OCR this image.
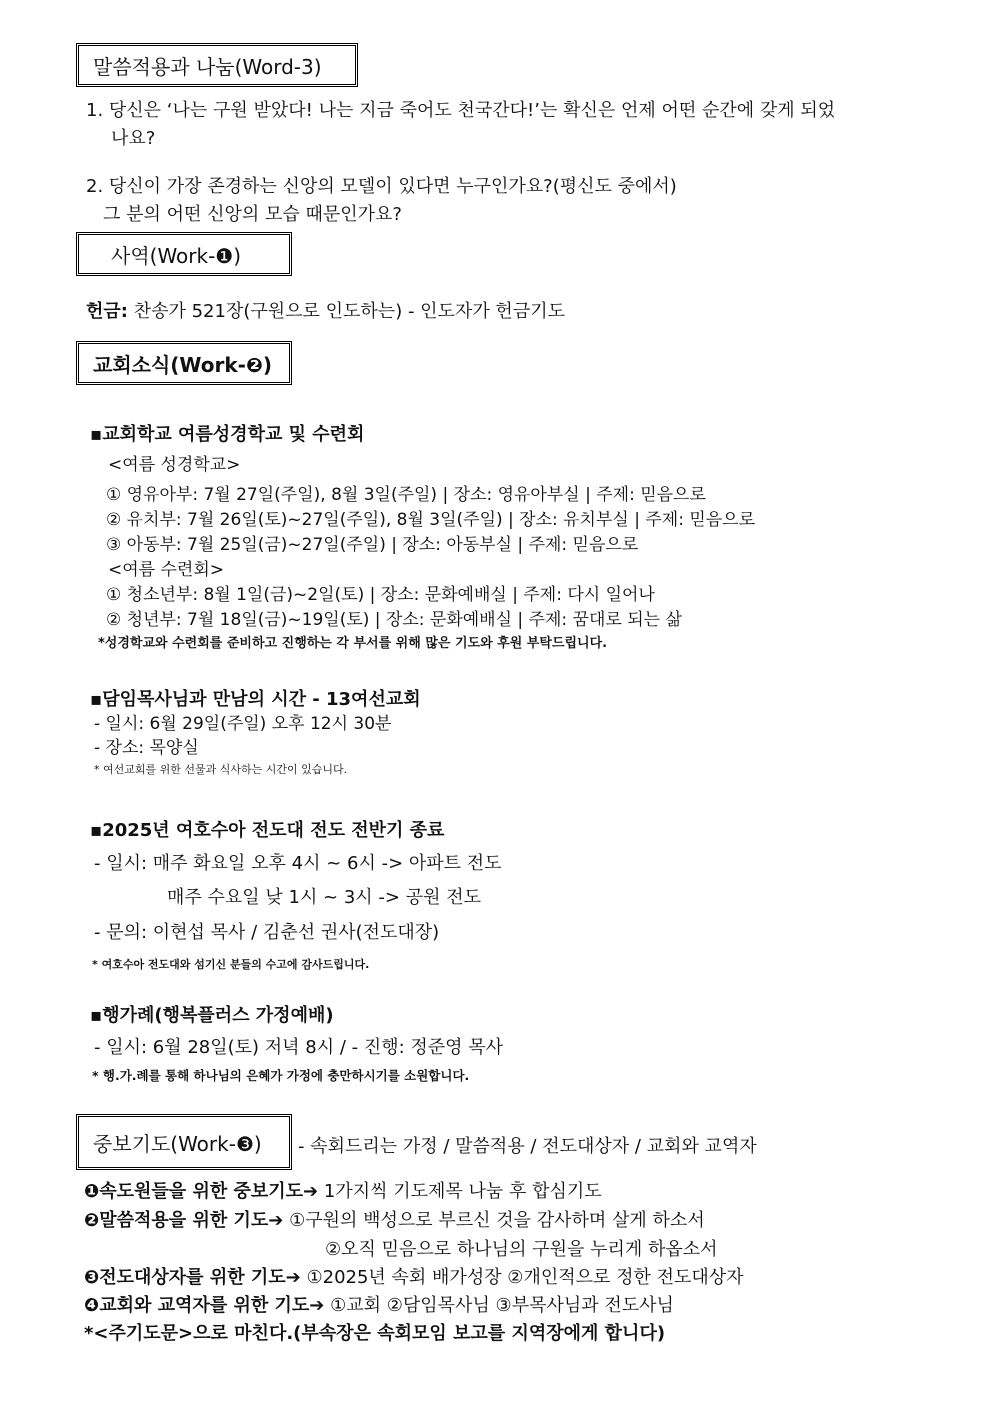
말씀적용과 나눔(Word-3)
1. 당신은 ‘나는 구원 받았다! 나는 지금 죽어도 천국간다!’는 확신은 언제 어떤 순간에 갖게 되었
나요?
2. 당신이 가장 존경하는 신앙의 모델이 있다면 누구인가요?(평신도 중에서)
그 분의 어떤 신앙의 모습 때문인가요?
사역(Work-❶)
헌금: 찬송가 521장(구원으로 인도하는) - 인도자가 헌금기도
교회소식(Work-❷)
▪교회학교 여름성경학교 및 수련회
<여름 성경학교>
① 영유아부: 7월 27일(주일), 8월 3일(주일) | 장소: 영유아부실 | 주제: 믿음으로
② 유치부: 7월 26일(토)~27일(주일), 8월 3일(주일) | 장소: 유치부실 | 주제: 믿음으로
③ 아동부: 7월 25일(금)~27일(주일) | 장소: 아동부실 | 주제: 믿음으로
<여름 수련회>
① 청소년부: 8월 1일(금)~2일(토) | 장소: 문화예배실 | 주제: 다시 일어나
② 청년부: 7월 18일(금)~19일(토) | 장소: 문화예배실 | 주제: 꿈대로 되는 삶
*성경학교와 수련회를 준비하고 진행하는 각 부서를 위해 많은 기도와 후원 부탁드립니다.
▪담임목사님과 만남의 시간 - 13여선교회
- 일시: 6월 29일(주일) 오후 12시 30분
- 장소: 목양실
* 여선교회를 위한 선물과 식사하는 시간이 있습니다.
▪2025년 여호수아 전도대 전도 전반기 종료
- 일시: 매주 화요일 오후 4시 ~ 6시 -> 아파트 전도
매주 수요일 낮 1시 ~ 3시 -> 공원 전도
- 문의: 이현섭 목사 / 김춘선 권사(전도대장)
* 여호수아 전도대와 섬기신 분들의 수고에 감사드립니다.
▪행가례(행복플러스 가정예배)
- 일시: 6월 28일(토) 저녁 8시 / - 진행: 정준영 목사
* 행.가.례를 통해 하나님의 은혜가 가정에 충만하시기를 소원합니다.
중보기도(Work-❸) - 속회드리는 가정 / 말씀적용 / 전도대상자 / 교회와 교역자
❶속도원들을 위한 중보기도➔ 1가지씩 기도제목 나눔 후 합심기도
❷말씀적용을 위한 기도➔ ①구원의 백성으로 부르신 것을 감사하며 살게 하소서
②오직 믿음으로 하나님의 구원을 누리게 하옵소서
❸전도대상자를 위한 기도➔ ①2025년 속회 배가성장 ②개인적으로 정한 전도대상자
❹교회와 교역자를 위한 기도➔ ①교회 ②담임목사님 ③부목사님과 전도사님
*<주기도문>으로 마친다.(부속장은 속회모임 보고를 지역장에게 합니다)
